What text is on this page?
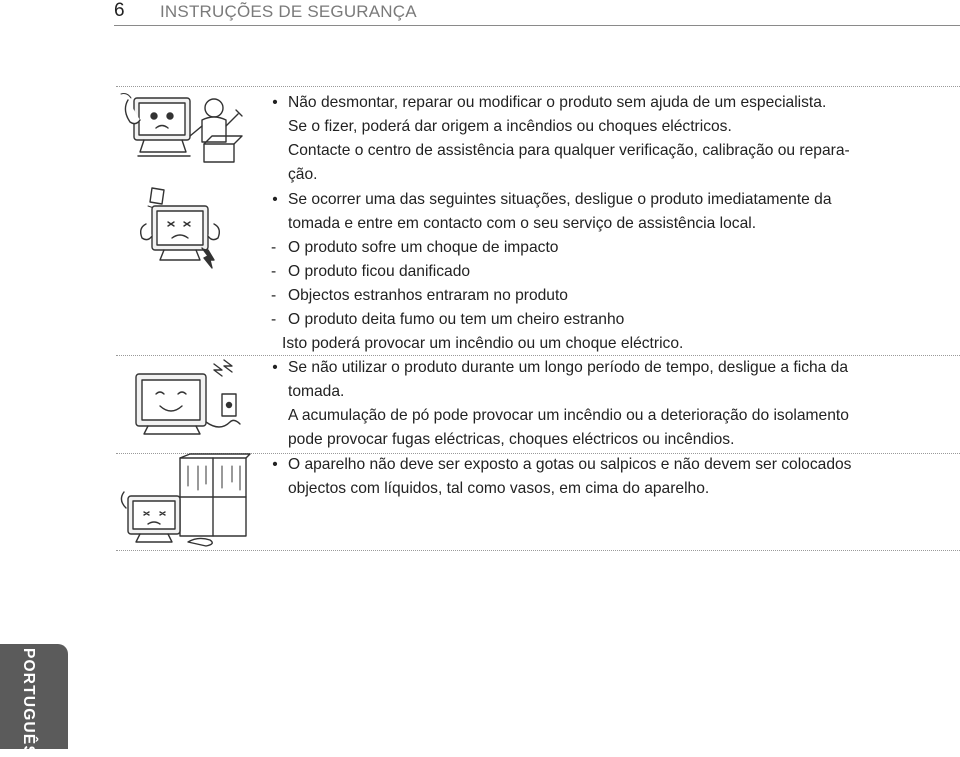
6 INSTRUÇÕES DE SEGURANÇA
• Não desmontar, reparar ou modificar o produto sem ajuda de um especialista.
Se o fizer, poderá dar origem a incêndios ou choques eléctricos.
Contacte o centro de assistência para qualquer verificação, calibração ou repara-
ção.
• Se ocorrer uma das seguintes situações, desligue o produto imediatamente da
tomada e entre em contacto com o seu serviço de assistência local.
- O produto sofre um choque de impacto
- O produto ficou danificado
- Objectos estranhos entraram no produto
- O produto deita fumo ou tem um cheiro estranho
Isto poderá provocar um incêndio ou um choque eléctrico.
• Se não utilizar o produto durante um longo período de tempo, desligue a ficha da
tomada.
A acumulação de pó pode provocar um incêndio ou a deterioração do isolamento
pode provocar fugas eléctricas, choques eléctricos ou incêndios.
• O aparelho não deve ser exposto a gotas ou salpicos e não devem ser colocados
objectos com líquidos, tal como vasos, em cima do aparelho.
PORTUGUÊS
